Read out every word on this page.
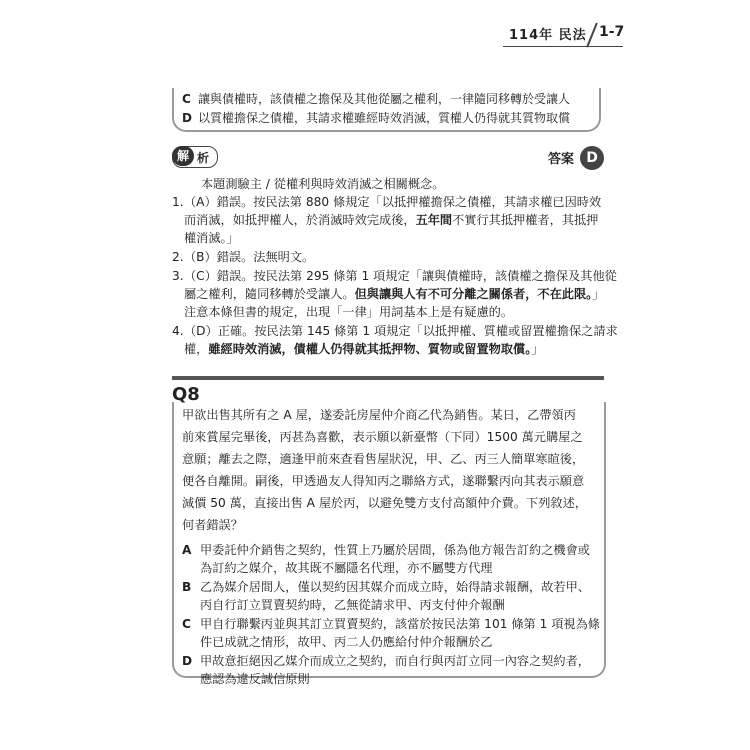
114年 民法 1-7
C 讓與債權時，該債權之擔保及其他從屬之權利，一律隨同移轉於受讓人
D 以質權擔保之債權，其請求權雖經時效消滅，質權人仍得就其質物取償
解 析	答案 D
本題測驗主 / 從權利與時效消滅之相關概念。
1. （A）錯誤。按民法第 880 條規定「以抵押權擔保之債權，其請求權已因時效
而消滅，如抵押權人，於消滅時效完成後，五年間不實行其抵押權者，其抵押
權消滅。」
2. （B）錯誤。法無明文。
3. （C）錯誤。按民法第 295 條第 1 項規定「讓與債權時，該債權之擔保及其他從
屬之權利，隨同移轉於受讓人。但與讓與人有不可分離之關係者，不在此限。」
注意本條但書的規定，出現「一律」用詞基本上是有疑慮的。
4. （D）正確。按民法第 145 條第 1 項規定「以抵押權、質權或留置權擔保之請求
權，雖經時效消滅，債權人仍得就其抵押物、質物或留置物取償。」
Q8
甲欲出售其所有之 A 屋，遂委託房屋仲介商乙代為銷售。某日，乙帶領丙
前來賞屋完畢後，丙甚為喜歡，表示願以新臺幣（下同）1500 萬元購屋之
意願；離去之際，適逢甲前來查看售屋狀況，甲、乙、丙三人簡單寒暄後，
便各自離開。嗣後，甲透過友人得知丙之聯絡方式，遂聯繫丙向其表示願意
減價 50 萬，直接出售 A 屋於丙，以避免雙方支付高額仲介費。下列敘述，
何者錯誤？
A 甲委託仲介銷售之契約，性質上乃屬於居間，係為他方報告訂約之機會或
為訂約之媒介，故其既不屬隱名代理，亦不屬雙方代理
B 乙為媒介居間人，僅以契約因其媒介而成立時，始得請求報酬，故若甲、
丙自行訂立買賣契約時，乙無從請求甲、丙支付仲介報酬
C 甲自行聯繫丙並與其訂立買賣契約，該當於按民法第 101 條第 1 項視為條
件已成就之情形，故甲、丙二人仍應給付仲介報酬於乙
D 甲故意拒絕因乙媒介而成立之契約，而自行與丙訂立同一內容之契約者，
應認為違反誠信原則
